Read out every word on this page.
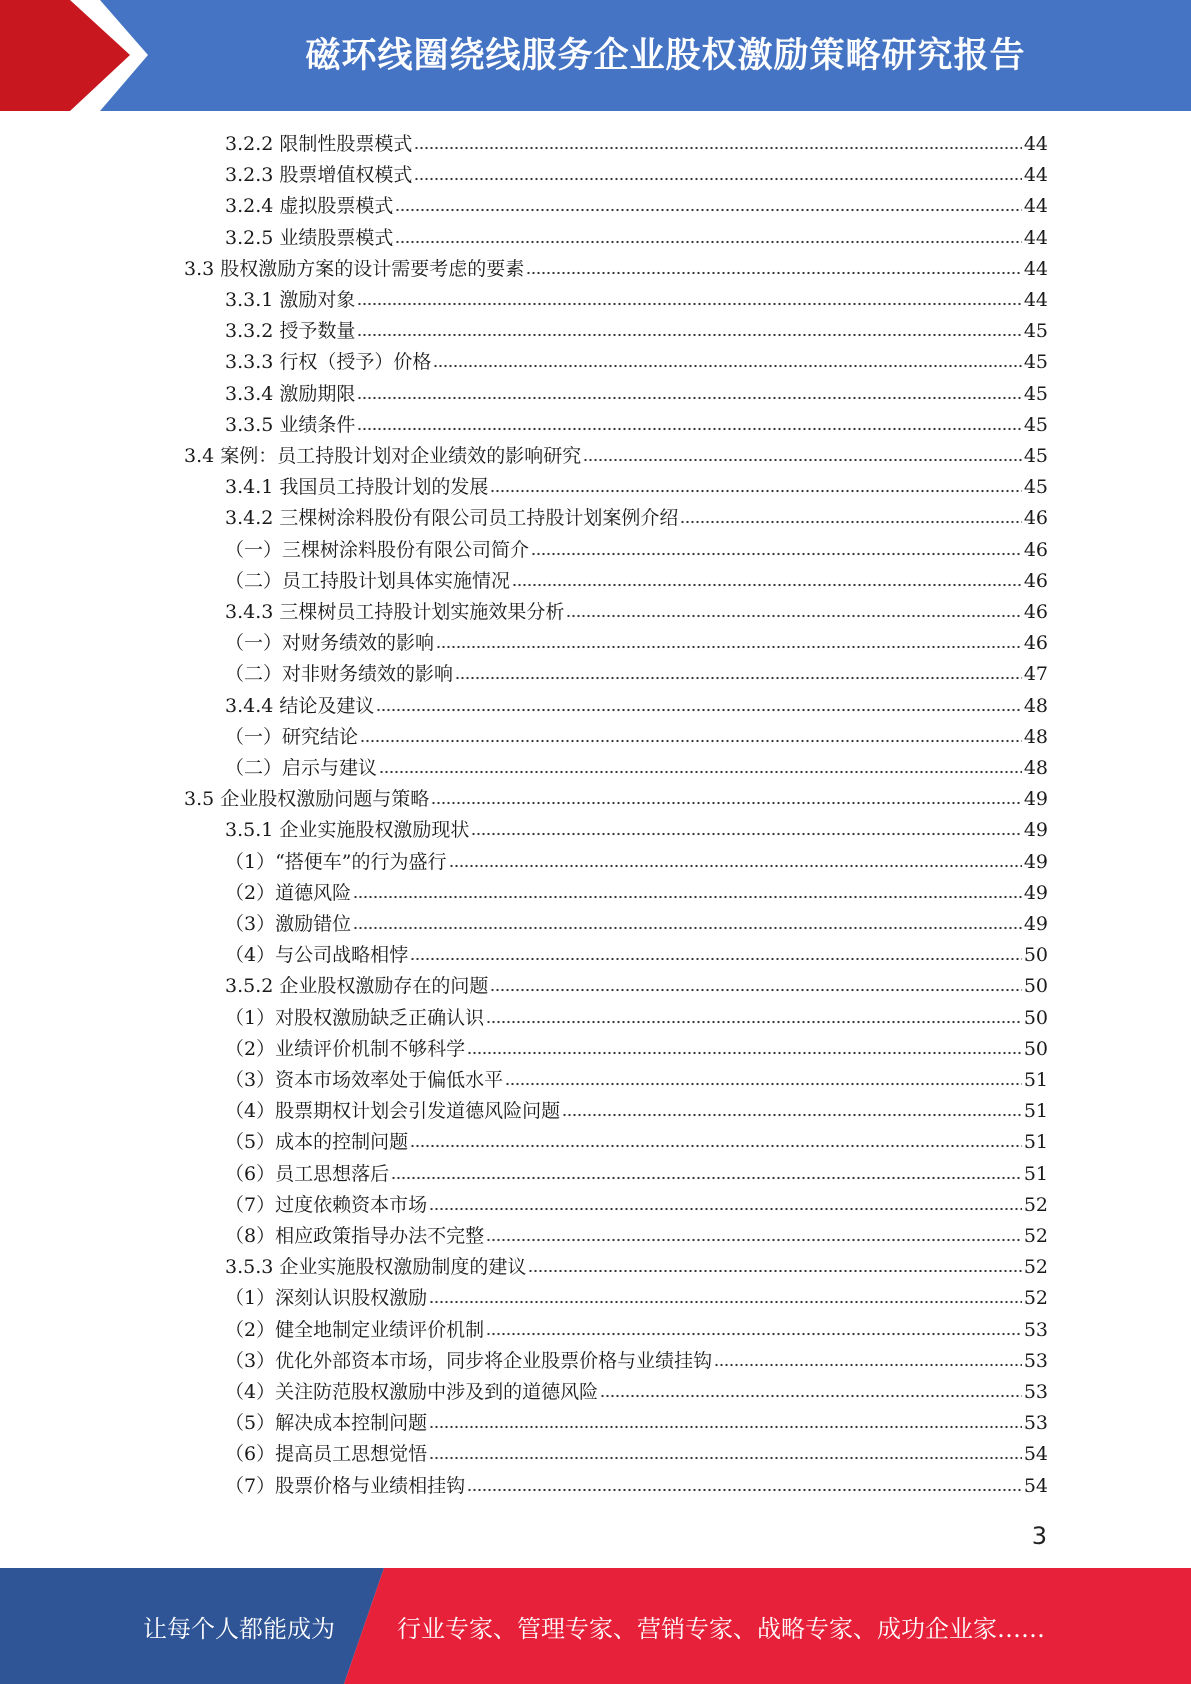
磁环线圈绕线服务企业股权激励策略研究报告
3.2.2 限制性股票模式	44
3.2.3 股票增值权模式	44
3.2.4 虚拟股票模式	44
3.2.5 业绩股票模式	44
3.3 股权激励方案的设计需要考虑的要素	44
3.3.1 激励对象	44
3.3.2 授予数量	45
3.3.3 行权（授予）价格	45
3.3.4 激励期限	45
3.3.5 业绩条件	45
3.4 案例：员工持股计划对企业绩效的影响研究	45
3.4.1 我国员工持股计划的发展	45
3.4.2 三棵树涂料股份有限公司员工持股计划案例介绍	46
（一）三棵树涂料股份有限公司简介	46
（二）员工持股计划具体实施情况	46
3.4.3 三棵树员工持股计划实施效果分析	46
（一）对财务绩效的影响	46
（二）对非财务绩效的影响	47
3.4.4 结论及建议	48
（一）研究结论	48
（二）启示与建议	48
3.5 企业股权激励问题与策略	49
3.5.1 企业实施股权激励现状	49
（1）“搭便车”的行为盛行	49
（2）道德风险	49
（3）激励错位	49
（4）与公司战略相悖	50
3.5.2 企业股权激励存在的问题	50
（1）对股权激励缺乏正确认识	50
（2）业绩评价机制不够科学	50
（3）资本市场效率处于偏低水平	51
（4）股票期权计划会引发道德风险问题	51
（5）成本的控制问题	51
（6）员工思想落后	51
（7）过度依赖资本市场	52
（8）相应政策指导办法不完整	52
3.5.3 企业实施股权激励制度的建议	52
（1）深刻认识股权激励	52
（2）健全地制定业绩评价机制	53
（3）优化外部资本市场，同步将企业股票价格与业绩挂钩	53
（4）关注防范股权激励中涉及到的道德风险	53
（5）解决成本控制问题	53
（6）提高员工思想觉悟	54
（7）股票价格与业绩相挂钩	54
3
让每个人都能成为	行业专家、管理专家、营销专家、战略专家、成功企业家……
